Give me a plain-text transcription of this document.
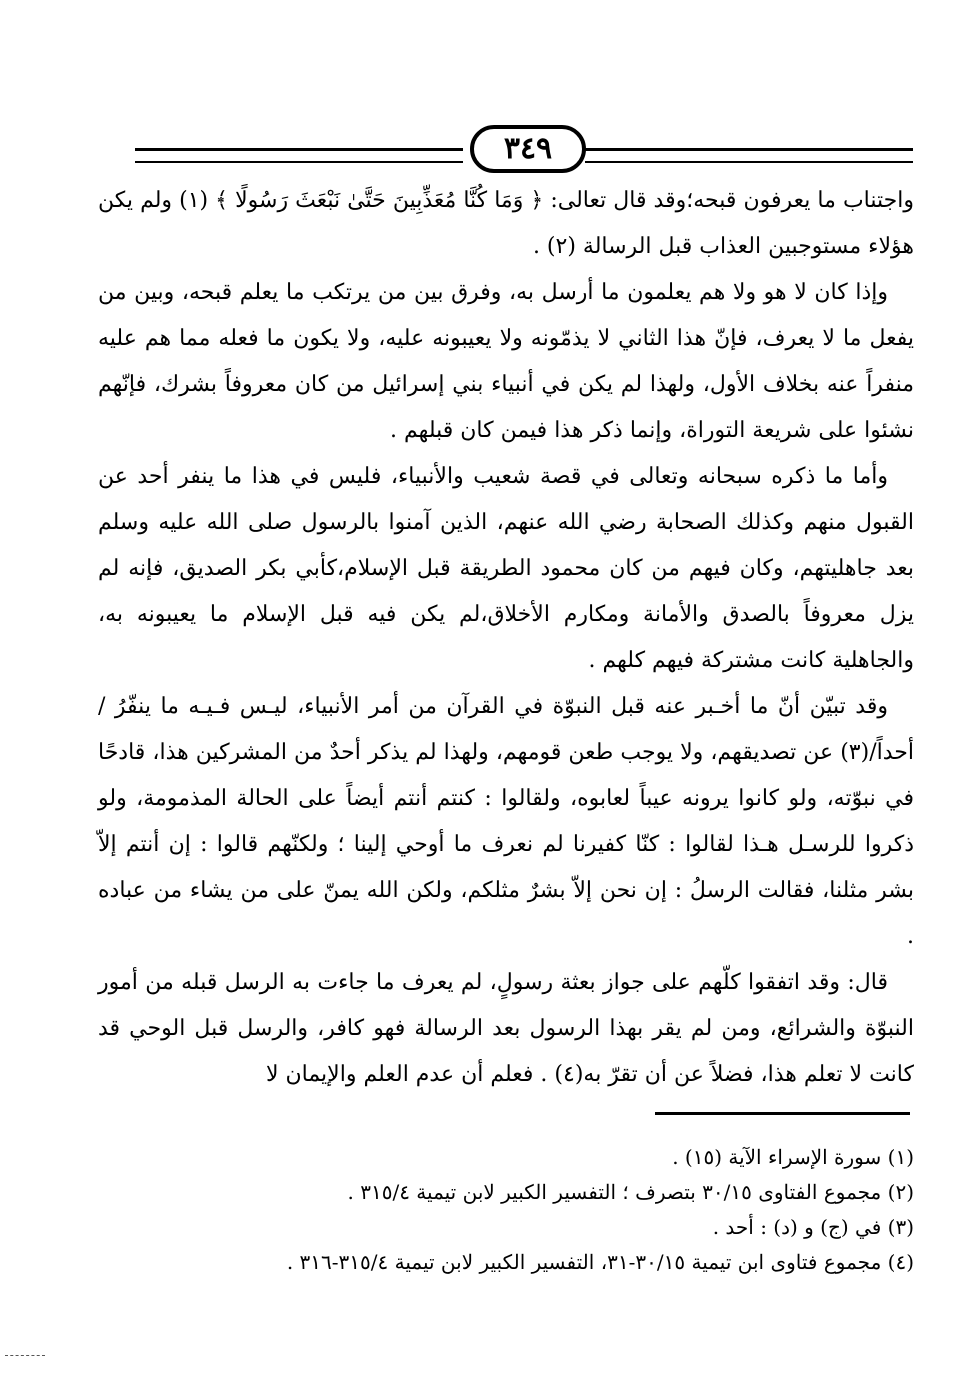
٣٤٩

واجتناب ما يعرفون قبحه؛وقد قال تعالى: ﴿ وَمَا كُنَّا مُعَذِّبِينَ حَتَّىٰ نَبْعَثَ رَسُولًا ﴾ (١) ولم يكن هؤلاء مستوجبين العذاب قبل الرسالة (٢) .

وإذا كان لا هو ولا هم يعلمون ما أرسل به، وفرق بين من يرتكب ما يعلم قبحه، وبين من يفعل ما لا يعرف، فإنّ هذا الثاني لا يذمّونه ولا يعيبونه عليه، ولا يكون ما فعله مما هم عليه منفراً عنه بخلاف الأول، ولهذا لم يكن في أنبياء بني إسرائيل من كان معروفاً بشرك، فإنّهم نشئوا على شريعة التوراة، وإنما ذكر هذا فيمن كان قبلهم .

وأما ما ذكره سبحانه وتعالى في قصة شعيب والأنبياء، فليس في هذا ما ينفر أحد عن القبول منهم وكذلك الصحابة رضي الله عنهم، الذين آمنوا بالرسول صلى الله عليه وسلم بعد جاهليتهم، وكان فيهم من كان محمود الطريقة قبل الإسلام،كأبي بكر الصديق، فإنه لم يزل معروفاً بالصدق والأمانة ومكارم الأخلاق،لم يكن فيه قبل الإسلام ما يعيبونه به، والجاهلية كانت مشتركة فيهم كلهم .

وقد تبيّن أنّ ما أخـبر عنه قبل النبوّة في القرآن من أمر الأنبياء، ليـس فـيـه ما ينفّرُ /أحداً/(٣) عن تصديقهم، ولا يوجب طعن قومهم، ولهذا لم يذكر أحدٌ من المشركين هذا، قادحًا في نبوّته، ولو كانوا يرونه عيباً لعابوه، ولقالوا : كنتم أنتم أيضاً على الحالة المذمومة، ولو ذكروا للرسـل هـذا لقالوا : كنّا كفيرنا لم نعرف ما أوحي إلينا ؛ ولكنّهم قالوا : إن أنتم إلاّ بشر مثلنا، فقالت الرسلُ : إن نحن إلاّ بشرٌ مثلكم، ولكن الله يمنّ على من يشاء من عباده .

قال: وقد اتفقوا كلّهم على جواز بعثة رسولٍ، لم يعرف ما جاءت به الرسل قبله من أمور النبوّة والشرائع، ومن لم يقر بهذا الرسول بعد الرسالة فهو كافر، والرسل قبل الوحي قد كانت لا تعلم هذا، فضلاً عن أن تقرّ به(٤) . فعلم أن عدم العلم والإيمان لا

(١) سورة الإسراء الآية (١٥) .
(٢) مجموع الفتاوى ٣٠/١٥ بتصرف ؛ التفسير الكبير لابن تيمية ٣١٥/٤ .
(٣) في (ج) و (د) : أحد .
(٤) مجموع فتاوى ابن تيمية ٣٠/١٥-٣١، التفسير الكبير لابن تيمية ٣١٥/٤-٣١٦ .
